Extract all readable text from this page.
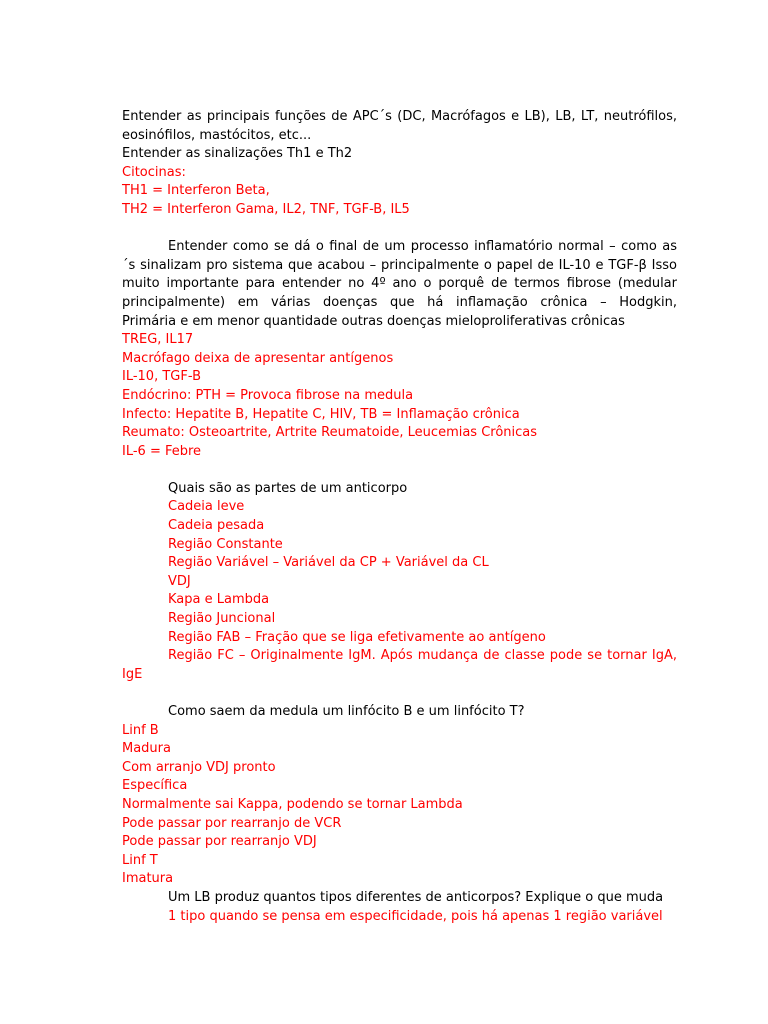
Entender as principais funções de APC´s (DC, Macrófagos e LB), LB, LT, neutrófilos,
eosinófilos, mastócitos, etc...
Entender as sinalizações Th1 e Th2
Citocinas:
TH1 = Interferon Beta,
TH2 = Interferon Gama, IL2, TNF, TGF-B, IL5
Entender como se dá o final de um processo inflamatório normal – como as
´s sinalizam pro sistema que acabou – principalmente o papel de IL-10 e TGF-β Isso
muito importante para entender no 4º ano o porquê de termos fibrose (medular
principalmente) em várias doenças que há inflamação crônica – Hodgkin,
Primária e em menor quantidade outras doenças mieloproliferativas crônicas
TREG, IL17
Macrófago deixa de apresentar antígenos
IL-10, TGF-B
Endócrino: PTH = Provoca fibrose na medula
Infecto: Hepatite B, Hepatite C, HIV, TB = Inflamação crônica
Reumato: Osteoartrite, Artrite Reumatoide, Leucemias Crônicas
IL-6 = Febre
Quais são as partes de um anticorpo
Cadeia leve
Cadeia pesada
Região Constante
Região Variável – Variável da CP + Variável da CL
VDJ
Kapa e Lambda
Região Juncional
Região FAB – Fração que se liga efetivamente ao antígeno
Região FC – Originalmente IgM. Após mudança de classe pode se tornar IgA,
IgE
Como saem da medula um linfócito B e um linfócito T?
Linf B
Madura
Com arranjo VDJ pronto
Específica
Normalmente sai Kappa, podendo se tornar Lambda
Pode passar por rearranjo de VCR
Pode passar por rearranjo VDJ
Linf T
Imatura
Um LB produz quantos tipos diferentes de anticorpos? Explique o que muda
1 tipo quando se pensa em especificidade, pois há apenas 1 região variável
